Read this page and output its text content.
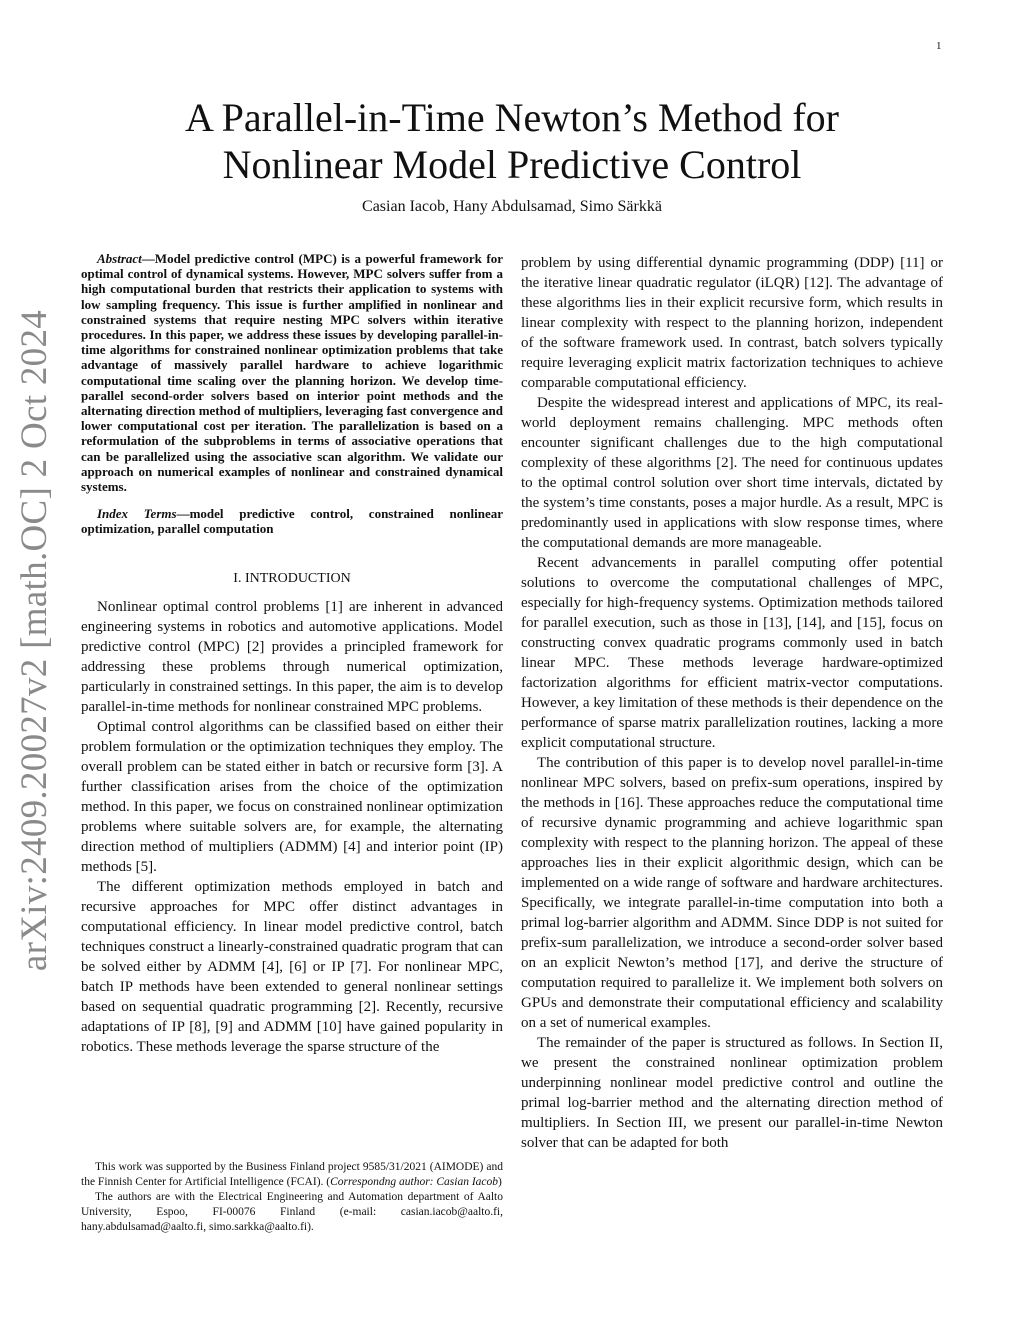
1
arXiv:2409.20027v2 [math.OC] 2 Oct 2024
A Parallel-in-Time Newton’s Method for
Nonlinear Model Predictive Control
Casian Iacob, Hany Abdulsamad, Simo Särkkä

Abstract—Model predictive control (MPC) is a powerful framework for optimal control of dynamical systems. However, MPC solvers suffer from a high computational burden that restricts their application to systems with low sampling frequency. This issue is further amplified in nonlinear and constrained systems that require nesting MPC solvers within iterative procedures. In this paper, we address these issues by developing parallel-in-time algorithms for constrained nonlinear optimization problems that take advantage of massively parallel hardware to achieve logarithmic computational time scaling over the planning horizon. We develop time-parallel second-order solvers based on interior point methods and the alternating direction method of multipliers, leveraging fast convergence and lower computational cost per iteration. The parallelization is based on a reformulation of the subproblems in terms of associative operations that can be parallelized using the associative scan algorithm. We validate our approach on numerical examples of nonlinear and constrained dynamical systems.

Index Terms—model predictive control, constrained nonlinear optimization, parallel computation

I. INTRODUCTION

Nonlinear optimal control problems [1] are inherent in advanced engineering systems in robotics and automotive applications. Model predictive control (MPC) [2] provides a principled framework for addressing these problems through numerical optimization, particularly in constrained settings. In this paper, the aim is to develop parallel-in-time methods for nonlinear constrained MPC problems.

Optimal control algorithms can be classified based on either their problem formulation or the optimization techniques they employ. The overall problem can be stated either in batch or recursive form [3]. A further classification arises from the choice of the optimization method. In this paper, we focus on constrained nonlinear optimization problems where suitable solvers are, for example, the alternating direction method of multipliers (ADMM) [4] and interior point (IP) methods [5].

The different optimization methods employed in batch and recursive approaches for MPC offer distinct advantages in computational efficiency. In linear model predictive control, batch techniques construct a linearly-constrained quadratic program that can be solved either by ADMM [4], [6] or IP [7]. For nonlinear MPC, batch IP methods have been extended to general nonlinear settings based on sequential quadratic programming [2]. Recently, recursive adaptations of IP [8], [9] and ADMM [10] have gained popularity in robotics. These methods leverage the sparse structure of the

problem by using differential dynamic programming (DDP) [11] or the iterative linear quadratic regulator (iLQR) [12]. The advantage of these algorithms lies in their explicit recursive form, which results in linear complexity with respect to the planning horizon, independent of the software framework used. In contrast, batch solvers typically require leveraging explicit matrix factorization techniques to achieve comparable computational efficiency.

Despite the widespread interest and applications of MPC, its real-world deployment remains challenging. MPC methods often encounter significant challenges due to the high computational complexity of these algorithms [2]. The need for continuous updates to the optimal control solution over short time intervals, dictated by the system’s time constants, poses a major hurdle. As a result, MPC is predominantly used in applications with slow response times, where the computational demands are more manageable.

Recent advancements in parallel computing offer potential solutions to overcome the computational challenges of MPC, especially for high-frequency systems. Optimization methods tailored for parallel execution, such as those in [13], [14], and [15], focus on constructing convex quadratic programs commonly used in batch linear MPC. These methods leverage hardware-optimized factorization algorithms for efficient matrix-vector computations. However, a key limitation of these methods is their dependence on the performance of sparse matrix parallelization routines, lacking a more explicit computational structure.

The contribution of this paper is to develop novel parallel-in-time nonlinear MPC solvers, based on prefix-sum operations, inspired by the methods in [16]. These approaches reduce the computational time of recursive dynamic programming and achieve logarithmic span complexity with respect to the planning horizon. The appeal of these approaches lies in their explicit algorithmic design, which can be implemented on a wide range of software and hardware architectures. Specifically, we integrate parallel-in-time computation into both a primal log-barrier algorithm and ADMM. Since DDP is not suited for prefix-sum parallelization, we introduce a second-order solver based on an explicit Newton’s method [17], and derive the structure of computation required to parallelize it. We implement both solvers on GPUs and demonstrate their computational efficiency and scalability on a set of numerical examples.

The remainder of the paper is structured as follows. In Section II, we present the constrained nonlinear optimization problem underpinning nonlinear model predictive control and outline the primal log-barrier method and the alternating direction method of multipliers. In Section III, we present our parallel-in-time Newton solver that can be adapted for both

This work was supported by the Business Finland project 9585/31/2021 (AIMODE) and the Finnish Center for Artificial Intelligence (FCAI). (Correspondng author: Casian Iacob)

The authors are with the Electrical Engineering and Automation department of Aalto University, Espoo, FI-00076 Finland (e-mail: casian.iacob@aalto.fi, hany.abdulsamad@aalto.fi, simo.sarkka@aalto.fi).
